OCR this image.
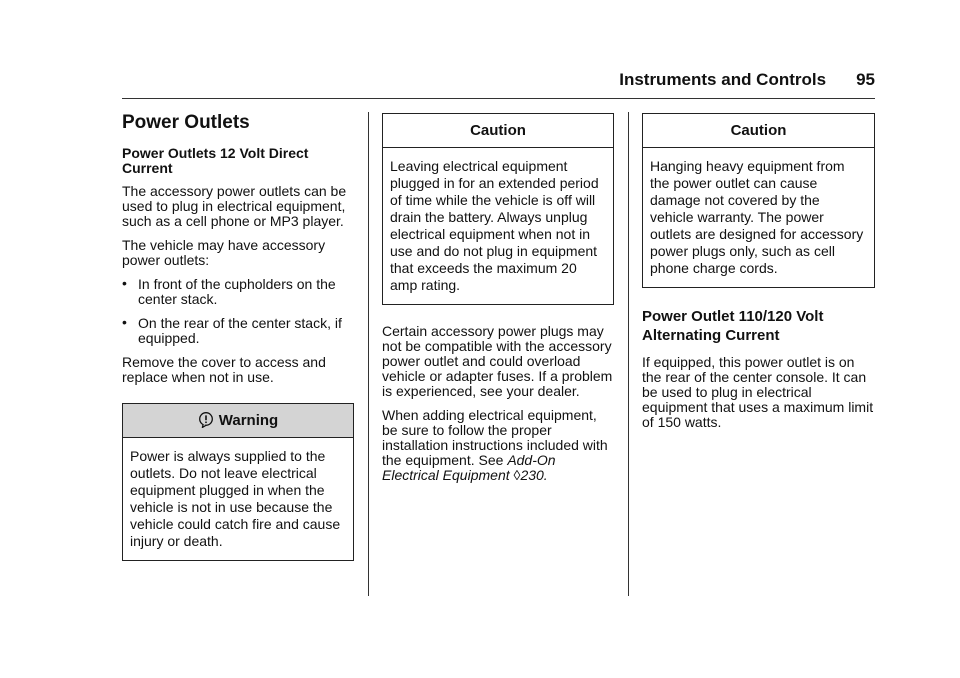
Instruments and Controls 95
Power Outlets
Power Outlets 12 Volt Direct Current

The accessory power outlets can be used to plug in electrical equipment, such as a cell phone or MP3 player.

The vehicle may have accessory power outlets:

• In front of the cupholders on the center stack.
• On the rear of the center stack, if equipped.

Remove the cover to access and replace when not in use.

Warning
Power is always supplied to the outlets. Do not leave electrical equipment plugged in when the vehicle is not in use because the vehicle could catch fire and cause injury or death.
Caution
Leaving electrical equipment plugged in for an extended period of time while the vehicle is off will drain the battery. Always unplug electrical equipment when not in use and do not plug in equipment that exceeds the maximum 20 amp rating.

Certain accessory power plugs may not be compatible with the accessory power outlet and could overload vehicle or adapter fuses. If a problem is experienced, see your dealer.

When adding electrical equipment, be sure to follow the proper installation instructions included with the equipment. See Add-On Electrical Equipment ◊230.

Caution
Hanging heavy equipment from the power outlet can cause damage not covered by the vehicle warranty. The power outlets are designed for accessory power plugs only, such as cell phone charge cords.
Power Outlet 110/120 Volt Alternating Current

If equipped, this power outlet is on the rear of the center console. It can be used to plug in electrical equipment that uses a maximum limit of 150 watts.
